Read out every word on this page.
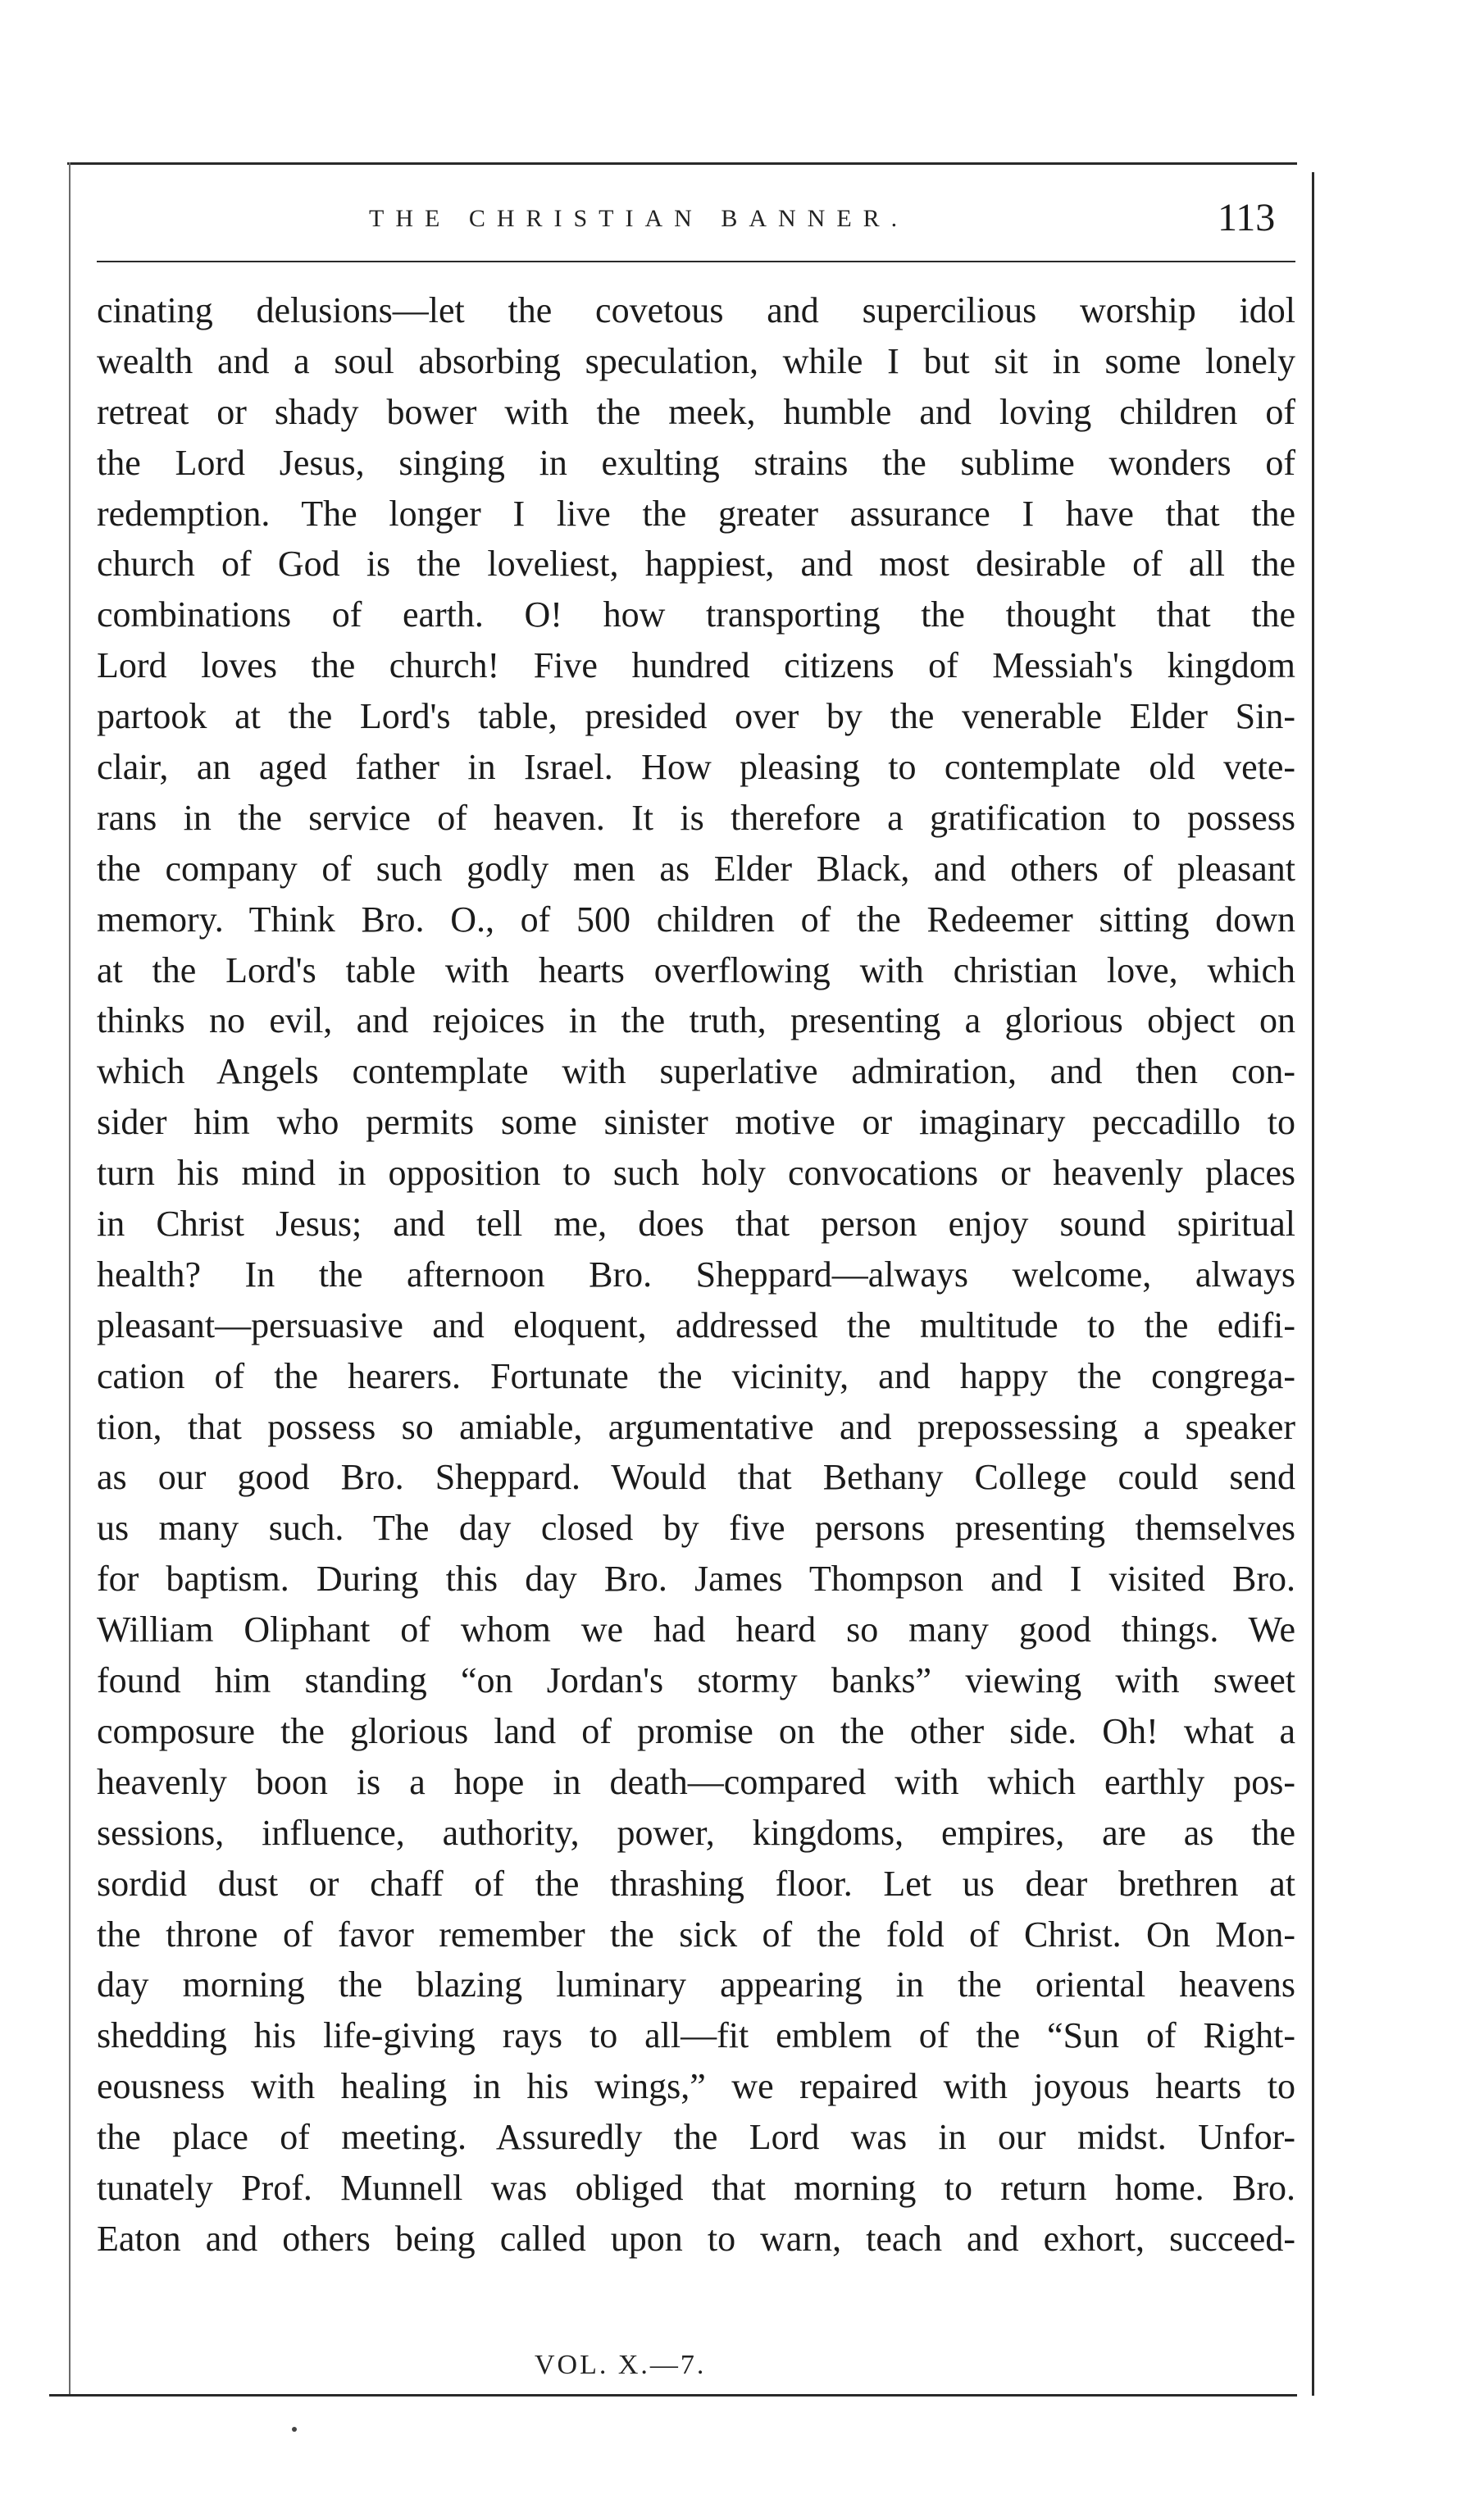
THE CHRISTIAN BANNER.	113
cinating delusions—let the covetous and supercilious worship idol
wealth and a soul absorbing speculation, while I but sit in some lonely
retreat or shady bower with the meek, humble and loving children of
the Lord Jesus, singing in exulting strains the sublime wonders of
redemption. The longer I live the greater assurance I have that the
church of God is the loveliest, happiest, and most desirable of all the
combinations of earth. O! how transporting the thought that the
Lord loves the church! Five hundred citizens of Messiah's kingdom
partook at the Lord's table, presided over by the venerable Elder Sin-
clair, an aged father in Israel. How pleasing to contemplate old vete-
rans in the service of heaven. It is therefore a gratification to possess
the company of such godly men as Elder Black, and others of pleasant
memory. Think Bro. O., of 500 children of the Redeemer sitting down
at the Lord's table with hearts overflowing with christian love, which
thinks no evil, and rejoices in the truth, presenting a glorious object on
which Angels contemplate with superlative admiration, and then con-
sider him who permits some sinister motive or imaginary peccadillo to
turn his mind in opposition to such holy convocations or heavenly places
in Christ Jesus; and tell me, does that person enjoy sound spiritual
health? In the afternoon Bro. Sheppard—always welcome, always
pleasant—persuasive and eloquent, addressed the multitude to the edifi-
cation of the hearers. Fortunate the vicinity, and happy the congrega-
tion, that possess so amiable, argumentative and prepossessing a speaker
as our good Bro. Sheppard. Would that Bethany College could send
us many such. The day closed by five persons presenting themselves
for baptism. During this day Bro. James Thompson and I visited Bro.
William Oliphant of whom we had heard so many good things. We
found him standing “on Jordan's stormy banks” viewing with sweet
composure the glorious land of promise on the other side. Oh! what a
heavenly boon is a hope in death—compared with which earthly pos-
sessions, influence, authority, power, kingdoms, empires, are as the
sordid dust or chaff of the thrashing floor. Let us dear brethren at
the throne of favor remember the sick of the fold of Christ. On Mon-
day morning the blazing luminary appearing in the oriental heavens
shedding his life-giving rays to all—fit emblem of the “Sun of Right-
eousness with healing in his wings,” we repaired with joyous hearts to
the place of meeting. Assuredly the Lord was in our midst. Unfor-
tunately Prof. Munnell was obliged that morning to return home. Bro.
Eaton and others being called upon to warn, teach and exhort, succeed-
VOL. X.—7.
